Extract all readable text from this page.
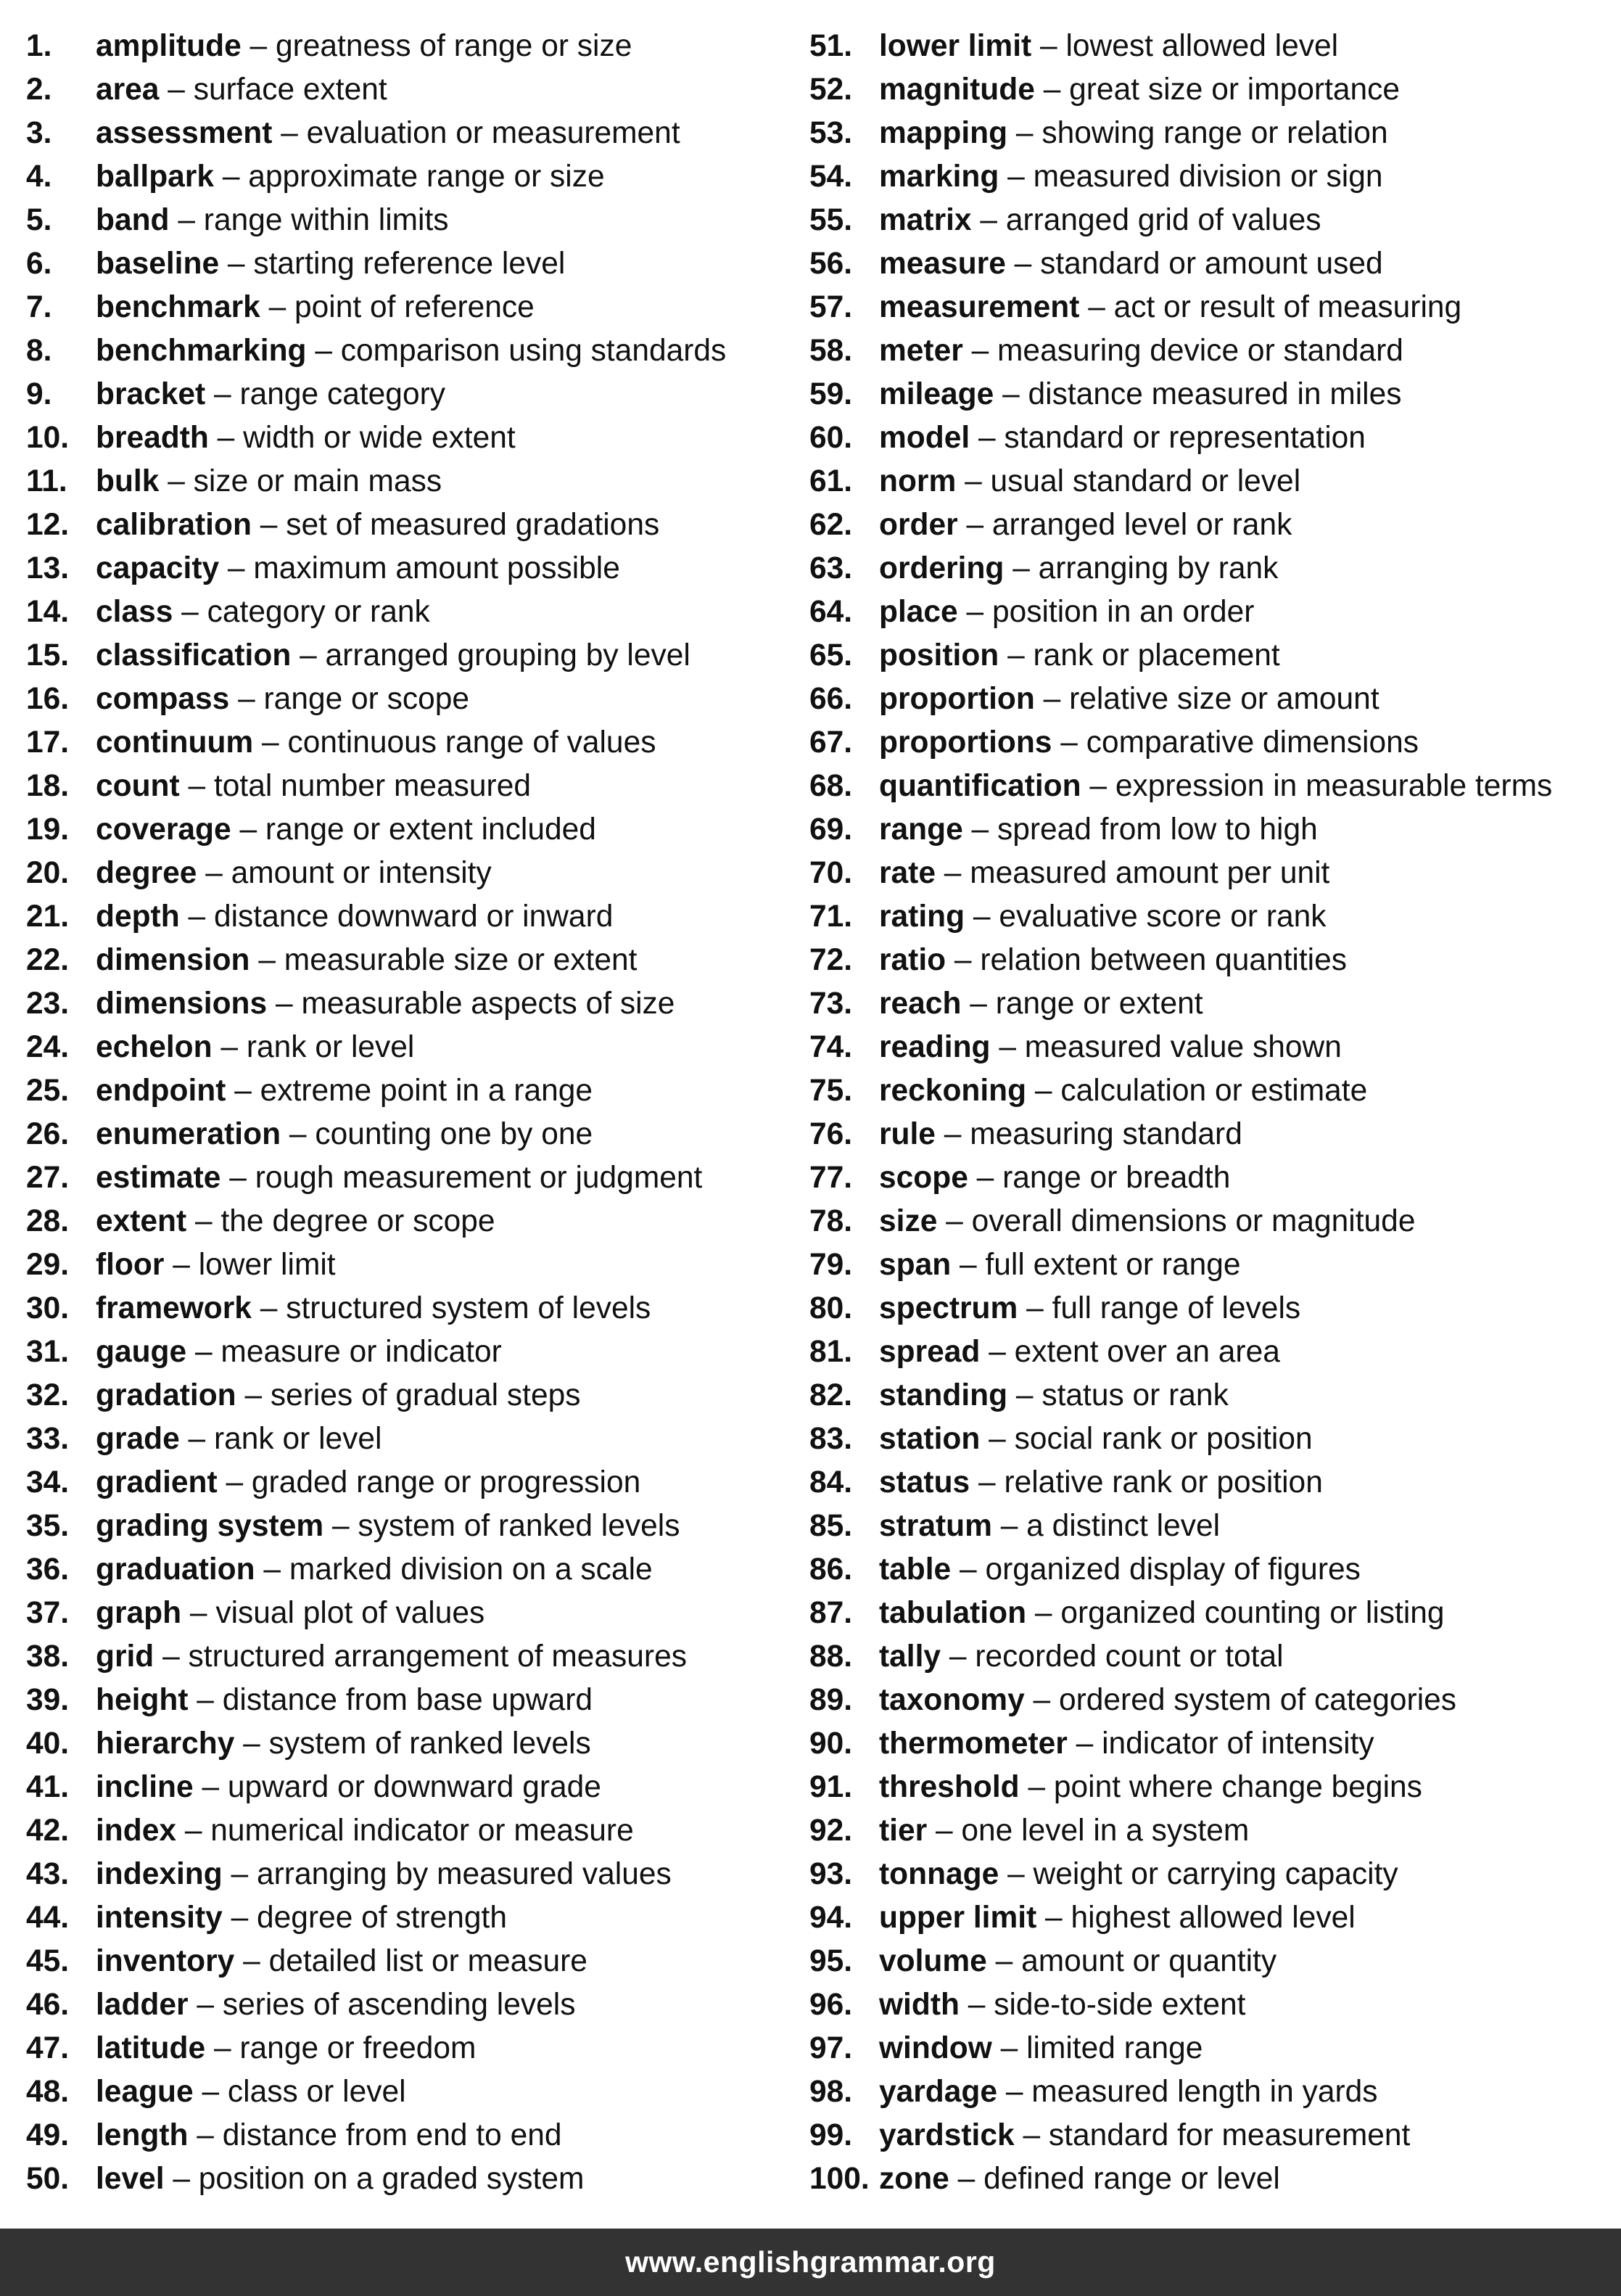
1.	amplitude – greatness of range or size
2.	area – surface extent
3.	assessment – evaluation or measurement
4.	ballpark – approximate range or size
5.	band – range within limits
6.	baseline – starting reference level
7.	benchmark – point of reference
8.	benchmarking – comparison using standards
9.	bracket – range category
10. breadth – width or wide extent
11. bulk – size or main mass
12. calibration – set of measured gradations
13. capacity – maximum amount possible
14. class – category or rank
15. classification – arranged grouping by level
16. compass – range or scope
17. continuum – continuous range of values
18. count – total number measured
19. coverage – range or extent included
20. degree – amount or intensity
21. depth – distance downward or inward
22. dimension – measurable size or extent
23. dimensions – measurable aspects of size
24. echelon – rank or level
25. endpoint – extreme point in a range
26. enumeration – counting one by one
27. estimate – rough measurement or judgment
28. extent – the degree or scope
29. floor – lower limit
30. framework – structured system of levels
31. gauge – measure or indicator
32. gradation – series of gradual steps
33. grade – rank or level
34. gradient – graded range or progression
35. grading system – system of ranked levels
36. graduation – marked division on a scale
37. graph – visual plot of values
38. grid – structured arrangement of measures
39. height – distance from base upward
40. hierarchy – system of ranked levels
41. incline – upward or downward grade
42. index – numerical indicator or measure
43. indexing – arranging by measured values
44. intensity – degree of strength
45. inventory – detailed list or measure
46. ladder – series of ascending levels
47. latitude – range or freedom
48. league – class or level
49. length – distance from end to end
50. level – position on a graded system
51. lower limit – lowest allowed level
52. magnitude – great size or importance
53. mapping – showing range or relation
54. marking – measured division or sign
55. matrix – arranged grid of values
56. measure – standard or amount used
57. measurement – act or result of measuring
58. meter – measuring device or standard
59. mileage – distance measured in miles
60. model – standard or representation
61. norm – usual standard or level
62. order – arranged level or rank
63. ordering – arranging by rank
64. place – position in an order
65. position – rank or placement
66. proportion – relative size or amount
67. proportions – comparative dimensions
68. quantification – expression in measurable terms
69. range – spread from low to high
70. rate – measured amount per unit
71. rating – evaluative score or rank
72. ratio – relation between quantities
73. reach – range or extent
74. reading – measured value shown
75. reckoning – calculation or estimate
76. rule – measuring standard
77. scope – range or breadth
78. size – overall dimensions or magnitude
79. span – full extent or range
80. spectrum – full range of levels
81. spread – extent over an area
82. standing – status or rank
83. station – social rank or position
84. status – relative rank or position
85. stratum – a distinct level
86. table – organized display of figures
87. tabulation – organized counting or listing
88. tally – recorded count or total
89. taxonomy – ordered system of categories
90. thermometer – indicator of intensity
91. threshold – point where change begins
92. tier – one level in a system
93. tonnage – weight or carrying capacity
94. upper limit – highest allowed level
95. volume – amount or quantity
96. width – side-to-side extent
97. window – limited range
98. yardage – measured length in yards
99. yardstick – standard for measurement
100. zone – defined range or level
www.englishgrammar.org
